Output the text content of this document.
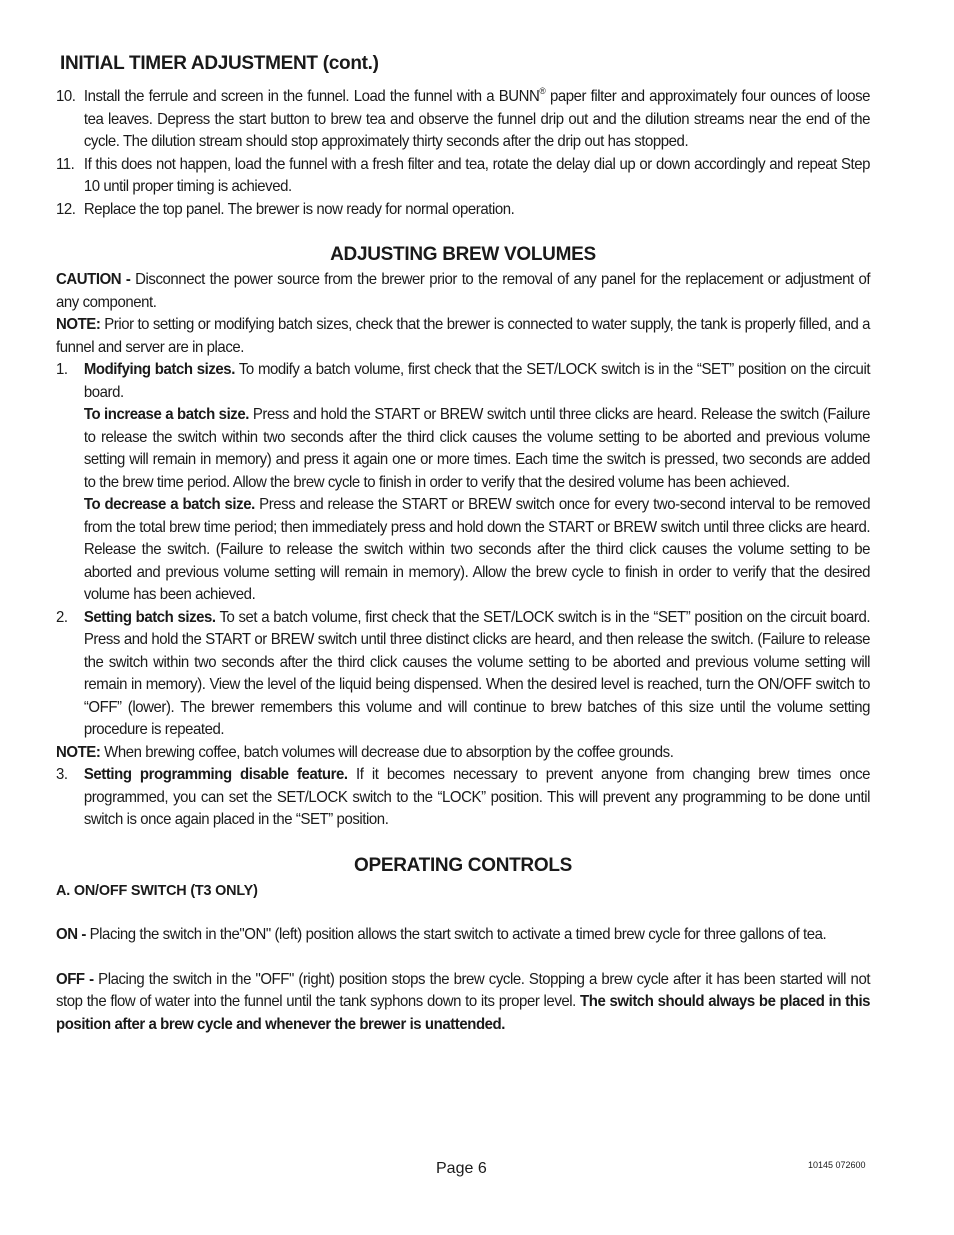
INITIAL TIMER ADJUSTMENT (cont.)
10. Install the ferrule and screen in the funnel. Load the funnel with a BUNN® paper filter and approximately four ounces of loose tea leaves. Depress the start button to brew tea and observe the funnel drip out and the dilution streams near the end of the cycle. The dilution stream should stop approximately thirty seconds after the drip out has stopped.
11. If this does not happen, load the funnel with a fresh filter and tea, rotate the delay dial up or down accordingly and repeat Step 10 until proper timing is achieved.
12. Replace the top panel. The brewer is now ready for normal operation.
ADJUSTING BREW VOLUMES
CAUTION - Disconnect the power source from the brewer prior to the removal of any panel for the replacement or adjustment of any component.
NOTE: Prior to setting or modifying batch sizes, check that the brewer is connected to water supply, the tank is properly filled, and a funnel and server are in place.
1. Modifying batch sizes. To modify a batch volume, first check that the SET/LOCK switch is in the “SET” position on the circuit board.
To increase a batch size. Press and hold the START or BREW switch until three clicks are heard. Release the switch (Failure to release the switch within two seconds after the third click causes the volume setting to be aborted and previous volume setting will remain in memory) and press it again one or more times. Each time the switch is pressed, two seconds are added to the brew time period. Allow the brew cycle to finish in order to verify that the desired volume has been achieved.
To decrease a batch size. Press and release the START or BREW switch once for every two-second interval to be removed from the total brew time period; then immediately press and hold down the START or BREW switch until three clicks are heard. Release the switch. (Failure to release the switch within two seconds after the third click causes the volume setting to be aborted and previous volume setting will remain in memory). Allow the brew cycle to finish in order to verify that the desired volume has been achieved.
2. Setting batch sizes. To set a batch volume, first check that the SET/LOCK switch is in the “SET” position on the circuit board. Press and hold the START or BREW switch until three distinct clicks are heard, and then release the switch. (Failure to release the switch within two seconds after the third click causes the volume setting to be aborted and previous volume setting will remain in memory). View the level of the liquid being dispensed. When the desired level is reached, turn the ON/OFF switch to “OFF” (lower). The brewer remembers this volume and will continue to brew batches of this size until the volume setting procedure is repeated.
NOTE: When brewing coffee, batch volumes will decrease due to absorption by the coffee grounds.
3. Setting programming disable feature. If it becomes necessary to prevent anyone from changing brew times once programmed, you can set the SET/LOCK switch to the “LOCK” position. This will prevent any programming to be done until switch is once again placed in the “SET” position.
OPERATING CONTROLS
A. ON/OFF SWITCH (T3 ONLY)
ON - Placing the switch in the"ON" (left) position allows the start switch to activate a timed brew cycle for three gallons of tea.
OFF - Placing the switch in the "OFF" (right) position stops the brew cycle. Stopping a brew cycle after it has been started will not stop the flow of water into the funnel until the tank syphons down to its proper level. The switch should always be placed in this position after a brew cycle and whenever the brewer is unattended.
Page 6	10145 072600
